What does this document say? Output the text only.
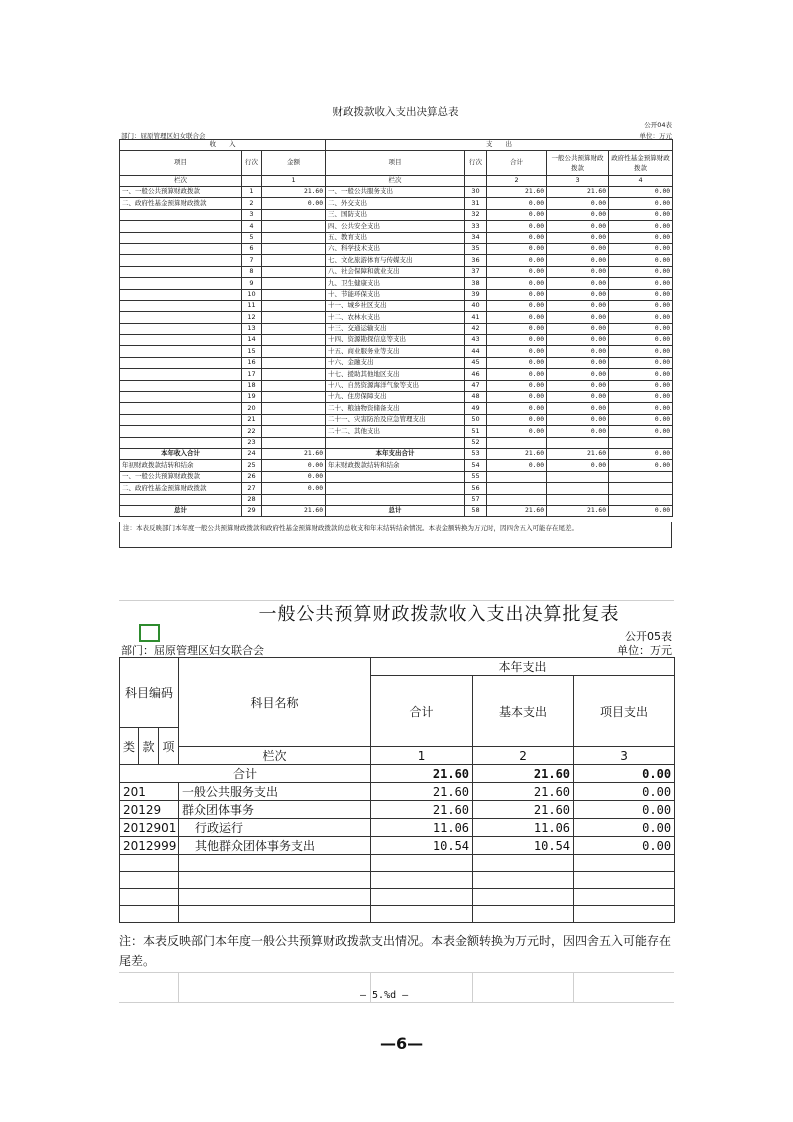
财政拨款收入支出决算总表
公开04表
部门：屈原管理区妇女联合会	单位：万元
收　　入			支　　出				
项目	行次	金额	项目	行次	合计	一般公共预算财政拨款	政府性基金预算财政拨款
栏次		1	栏次		2	3	4
一、一般公共预算财政拨款	1	21.60	一、一般公共服务支出	30	21.60	21.60	0.00
二、政府性基金预算财政拨款	2	0.00	二、外交支出	31	0.00	0.00	0.00
	3		三、国防支出	32	0.00	0.00	0.00
	4		四、公共安全支出	33	0.00	0.00	0.00
	5		五、教育支出	34	0.00	0.00	0.00
	6		六、科学技术支出	35	0.00	0.00	0.00
	7		七、文化旅游体育与传媒支出	36	0.00	0.00	0.00
	8		八、社会保障和就业支出	37	0.00	0.00	0.00
	9		九、卫生健康支出	38	0.00	0.00	0.00
	10		十、节能环保支出	39	0.00	0.00	0.00
	11		十一、城乡社区支出	40	0.00	0.00	0.00
	12		十二、农林水支出	41	0.00	0.00	0.00
	13		十三、交通运输支出	42	0.00	0.00	0.00
	14		十四、资源勘探信息等支出	43	0.00	0.00	0.00
	15		十五、商业服务业等支出	44	0.00	0.00	0.00
	16		十六、金融支出	45	0.00	0.00	0.00
	17		十七、援助其他地区支出	46	0.00	0.00	0.00
	18		十八、自然资源海洋气象等支出	47	0.00	0.00	0.00
	19		十九、住房保障支出	48	0.00	0.00	0.00
	20		二十、粮油物资储备支出	49	0.00	0.00	0.00
	21		二十一、灾害防治及应急管理支出	50	0.00	0.00	0.00
	22		二十二、其他支出	51	0.00	0.00	0.00
	23			52			
本年收入合计	24	21.60	本年支出合计	53	21.60	21.60	0.00
年初财政拨款结转和结余	25	0.00	年末财政拨款结转和结余	54	0.00	0.00	0.00
一、一般公共预算财政拨款	26	0.00		55			
二、政府性基金预算财政拨款	27	0.00		56			
	28			57			
总计	29	21.60	总计	58	21.60	21.60	0.00
注：本表反映部门本年度一般公共预算财政拨款和政府性基金预算财政拨款的总收支和年末结转结余情况。本表金额转换为万元时，因四舍五入可能存在尾差。
一般公共预算财政拨款收入支出决算批复表
公开05表
部门：屈原管理区妇女联合会	单位：万元
科目编码			科目名称	本年支出		
				合计	基本支出	项目支出
类	款	项				
			栏次	1	2	3
合计				21.60	21.60	0.00
201			一般公共服务支出	21.60	21.60	0.00
20129			群众团体事务	21.60	21.60	0.00
2012901			行政运行	11.06	11.06	0.00
2012999			其他群众团体事务支出	10.54	10.54	0.00

注：本表反映部门本年度一般公共预算财政拨款支出情况。本表金额转换为万元时，因四舍五入可能存在尾差。
— 5.%d —
—6—
